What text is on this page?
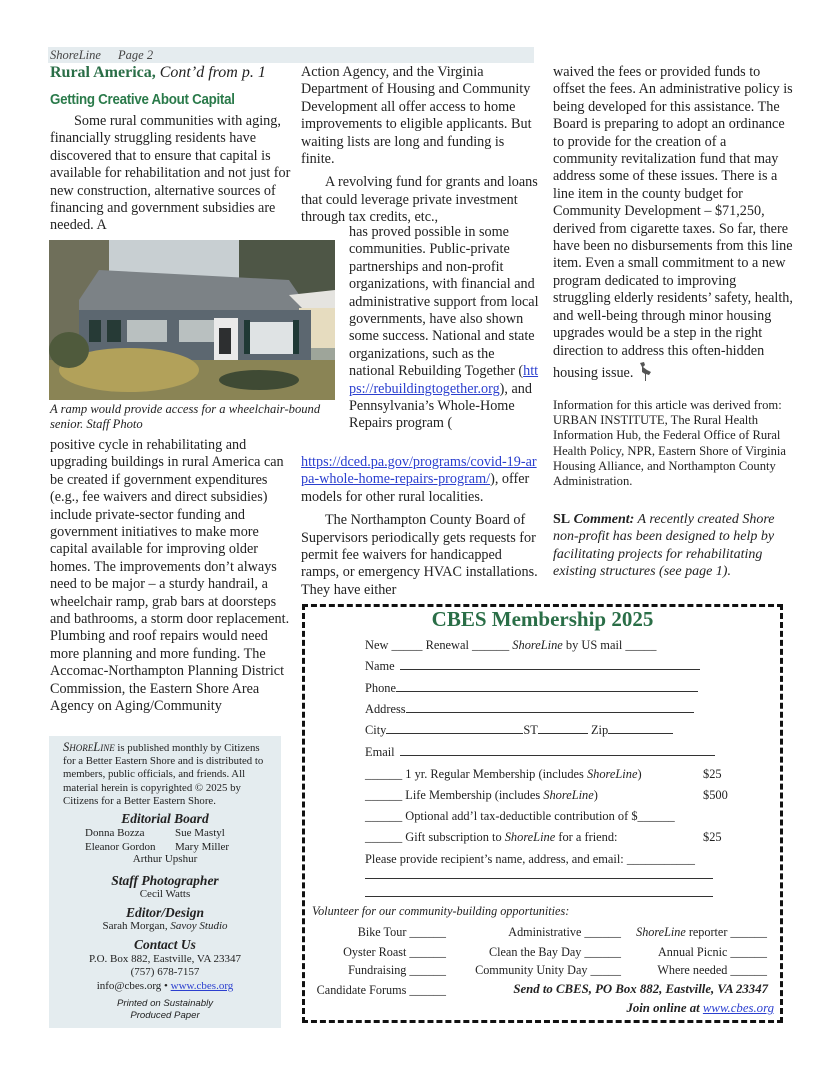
ShoreLine Page 2
Rural America, Cont’d from p. 1
Getting Creative About Capital

Some rural communities with aging, financially struggling residents have discovered that to ensure that capital is available for rehabilitation and not just for new construction, alternative sources of financing and government subsidies are needed. A

A ramp would provide access for a wheelchair-bound senior. Staff Photo

positive cycle in rehabilitating and upgrading buildings in rural America can be created if government expenditures (e.g., fee waivers and direct subsidies) include private-sector funding and government initiatives to make more capital available for improving older homes. The improvements don’t always need to be major – a sturdy handrail, a wheelchair ramp, grab bars at doorsteps and bathrooms, a storm door replacement. Plumbing and roof repairs would need more planning and more funding. The Accomac-Northampton Planning District Commission, the Eastern Shore Area Agency on Aging/Community

Action Agency, and the Virginia Department of Housing and Community Development all offer access to home improvements to eligible applicants. But waiting lists are long and funding is finite.

A revolving fund for grants and loans that could leverage private investment through tax credits, etc.,

has proved possible in some communities. Public-private partnerships and non-profit organizations, with financial and administrative support from local governments, have also shown some success. National and state organizations, such as the national Rebuilding Together (https://rebuildingtogether.org), and Pennsylvania’s Whole-Home Repairs program (

https://dced.pa.gov/programs/covid-19-arpa-whole-home-repairs-program/), offer models for other rural localities.

The Northampton County Board of Supervisors periodically gets requests for permit fee waivers for handicapped ramps, or emergency HVAC installations. They have either

waived the fees or provided funds to offset the fees. An administrative policy is being developed for this assistance. The Board is preparing to adopt an ordinance to provide for the creation of a community revitalization fund that may address some of these issues. There is a line item in the county budget for Community Development – $71,250, derived from cigarette taxes. So far, there have been no disbursements from this line item. Even a small commitment to a new program dedicated to improving struggling elderly residents’ safety, health, and well-being through minor housing upgrades would be a step in the right direction to address this often-hidden housing issue.

Information for this article was derived from: URBAN INSTITUTE, The Rural Health Information Hub, the Federal Office of Rural Health Policy, NPR, Eastern Shore of Virginia Housing Alliance, and Northampton County Administration.
SL Comment: A recently created Shore non-profit has been designed to help by facilitating projects for rehabilitating existing structures (see page 1).
ShoreLine is published monthly by Citizens for a Better Eastern Shore and is distributed to members, public officials, and friends. All material herein is copyrighted © 2025 by Citizens for a Better Eastern Shore.
Editorial Board
Donna Bozza	Sue Mastyl
Eleanor Gordon	Mary Miller
Arthur Upshur
Staff Photographer
Cecil Watts
Editor/Design
Sarah Morgan, Savoy Studio
Contact Us
P.O. Box 882, Eastville, VA 23347
(757) 678-7157
info@cbes.org • www.cbes.org
Printed on Sustainably
Produced Paper
CBES Membership 2025
New _____ Renewal ______ ShoreLine by US mail _____
Name
Phone
Address
City	ST	Zip
Email
______ 1 yr. Regular Membership (includes ShoreLine)	$25
______ Life Membership (includes ShoreLine)	$500
______ Optional add’l tax-deductible contribution of $______
______ Gift subscription to ShoreLine for a friend:	$25
Please provide recipient’s name, address, and email: ___________
Volunteer for our community-building opportunities:
Bike Tour ______	Administrative ______ ShoreLine reporter ______
Oyster Roast ______	Clean the Bay Day ______	Annual Picnic ______
Fundraising ______ Community Unity Day _____	Where needed ______
Candidate Forums ______	Send to CBES, PO Box 882, Eastville, VA 23347
Join online at www.cbes.org
